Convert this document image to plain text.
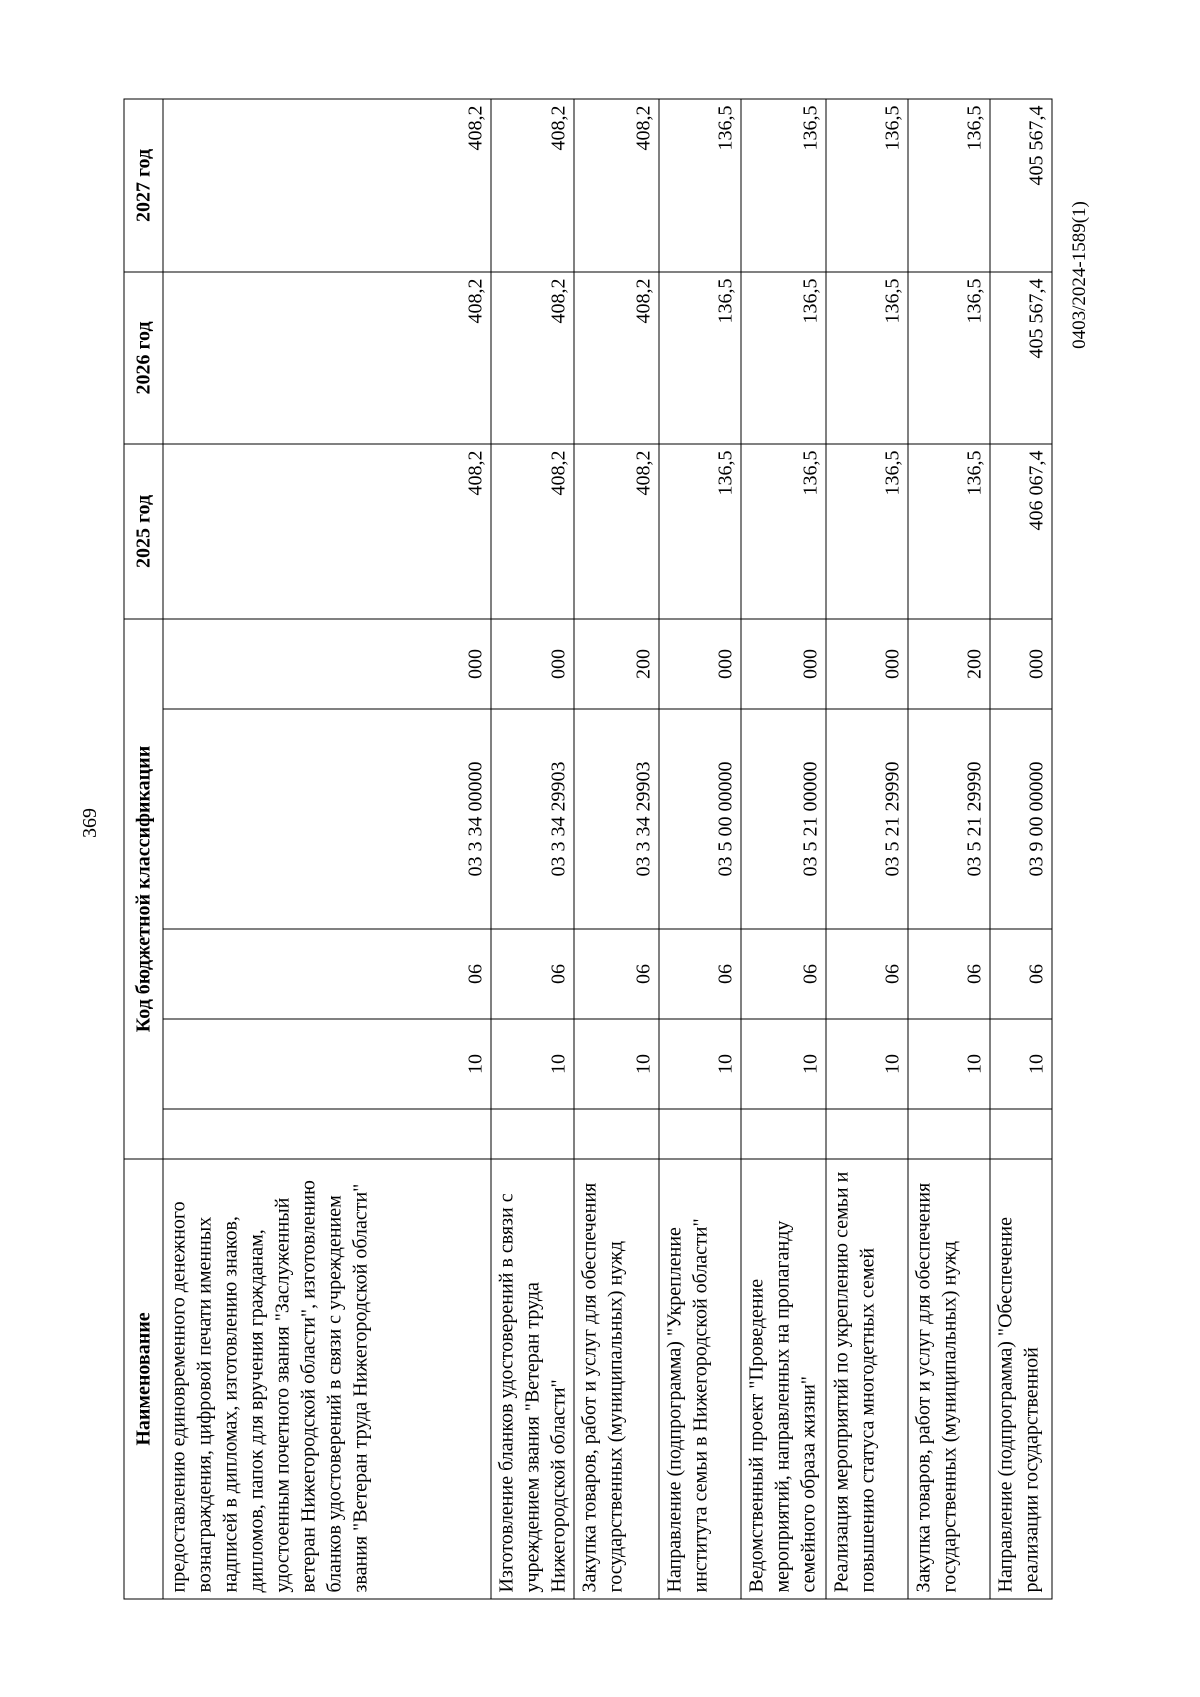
369
Наименование	Код бюджетной классификации					2025 год	2026 год	2027 год
предоставлению единовременного денежного вознаграждения, цифровой печати именных надписей в дипломах, изготовлению знаков, дипломов, папок для вручения гражданам, удостоенным почетного звания "Заслуженный ветеран Нижегородской области", изготовлению бланков удостоверений в связи с учреждением звания "Ветеран труда Нижегородской области"		10	06	03 3 34 00000	000	408,2	408,2	408,2
Изготовление бланков удостоверений в связи с учреждением звания "Ветеран труда Нижегородской области"		10	06	03 3 34 29903	000	408,2	408,2	408,2
Закупка товаров, работ и услуг для обеспечения государственных (муниципальных) нужд		10	06	03 3 34 29903	200	408,2	408,2	408,2
Направление (подпрограмма) "Укрепление института семьи в Нижегородской области"		10	06	03 5 00 00000	000	136,5	136,5	136,5
Ведомственный проект "Проведение мероприятий, направленных на пропаганду семейного образа жизни"		10	06	03 5 21 00000	000	136,5	136,5	136,5
Реализация мероприятий по укреплению семьи и повышению статуса многодетных семей		10	06	03 5 21 29990	000	136,5	136,5	136,5
Закупка товаров, работ и услуг для обеспечения государственных (муниципальных) нужд		10	06	03 5 21 29990	200	136,5	136,5	136,5
Направление (подпрограмма) "Обеспечение реализации государственной		10	06	03 9 00 00000	000	406 067,4	405 567,4	405 567,4
0403/2024-1589(1)
